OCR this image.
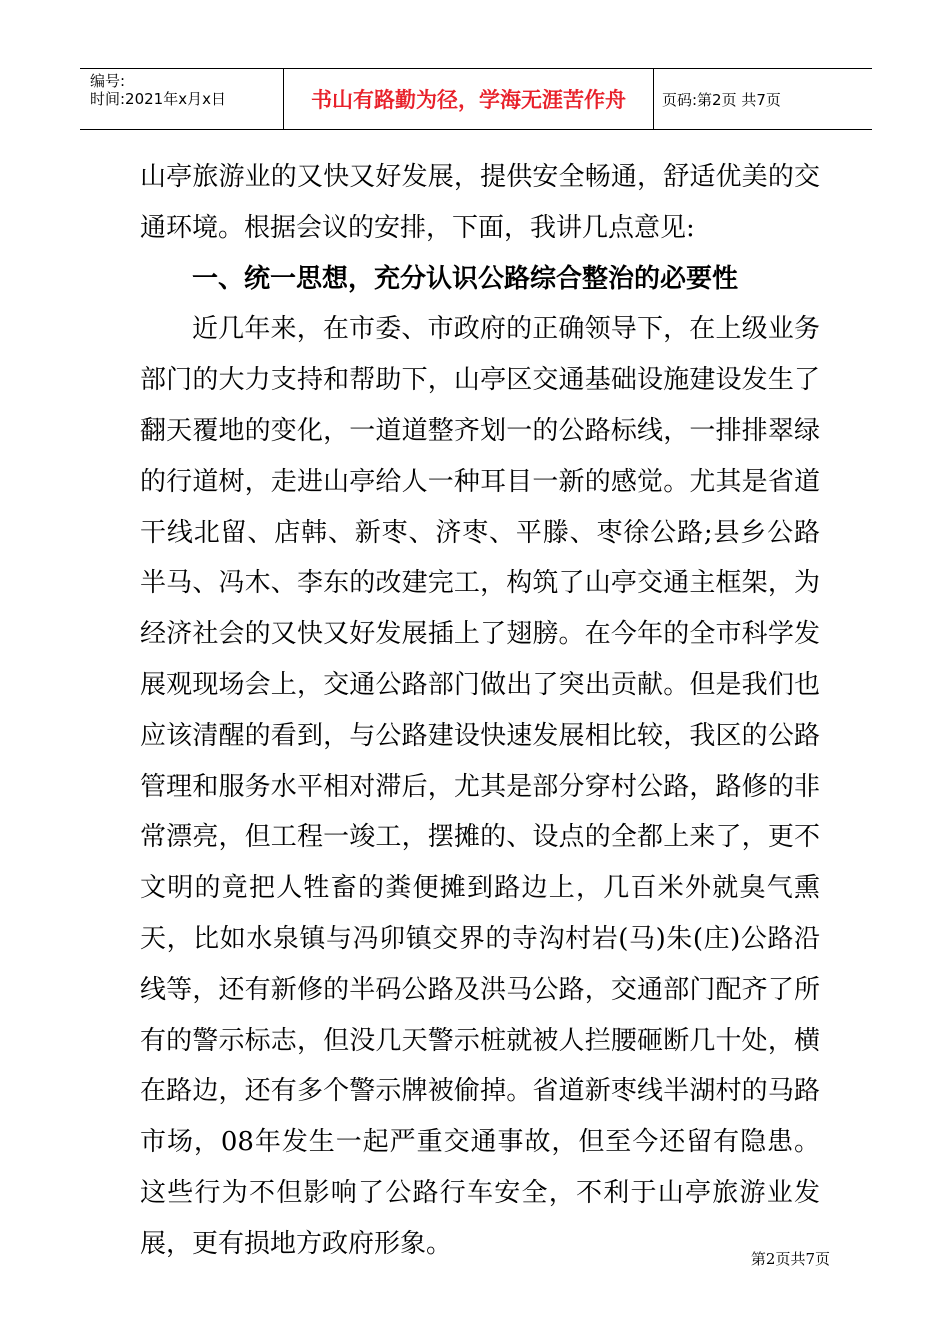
编号:
时间:2021年x月x日	书山有路勤为径，学海无涯苦作舟	页码:第2页 共7页

山亭旅游业的又快又好发展，提供安全畅通，舒适优美的交通环境。根据会议的安排，下面，我讲几点意见:

一、统一思想，充分认识公路综合整治的必要性

近几年来，在市委、市政府的正确领导下，在上级业务部门的大力支持和帮助下，山亭区交通基础设施建设发生了翻天覆地的变化，一道道整齐划一的公路标线，一排排翠绿的行道树，走进山亭给人一种耳目一新的感觉。尤其是省道干线北留、店韩、新枣、济枣、平滕、枣徐公路;县乡公路半马、冯木、李东的改建完工，构筑了山亭交通主框架，为经济社会的又快又好发展插上了翅膀。在今年的全市科学发展观现场会上，交通公路部门做出了突出贡献。但是我们也应该清醒的看到，与公路建设快速发展相比较，我区的公路管理和服务水平相对滞后，尤其是部分穿村公路，路修的非常漂亮，但工程一竣工，摆摊的、设点的全都上来了，更不文明的竟把人牲畜的粪便摊到路边上，几百米外就臭气熏天，比如水泉镇与冯卯镇交界的寺沟村岩(马)朱(庄)公路沿线等，还有新修的半码公路及洪马公路，交通部门配齐了所有的警示标志，但没几天警示桩就被人拦腰砸断几十处，横在路边，还有多个警示牌被偷掉。省道新枣线半湖村的马路市场，08年发生一起严重交通事故，但至今还留有隐患。这些行为不但影响了公路行车安全，不利于山亭旅游业发展，更有损地方政府形象。

第2页共7页
